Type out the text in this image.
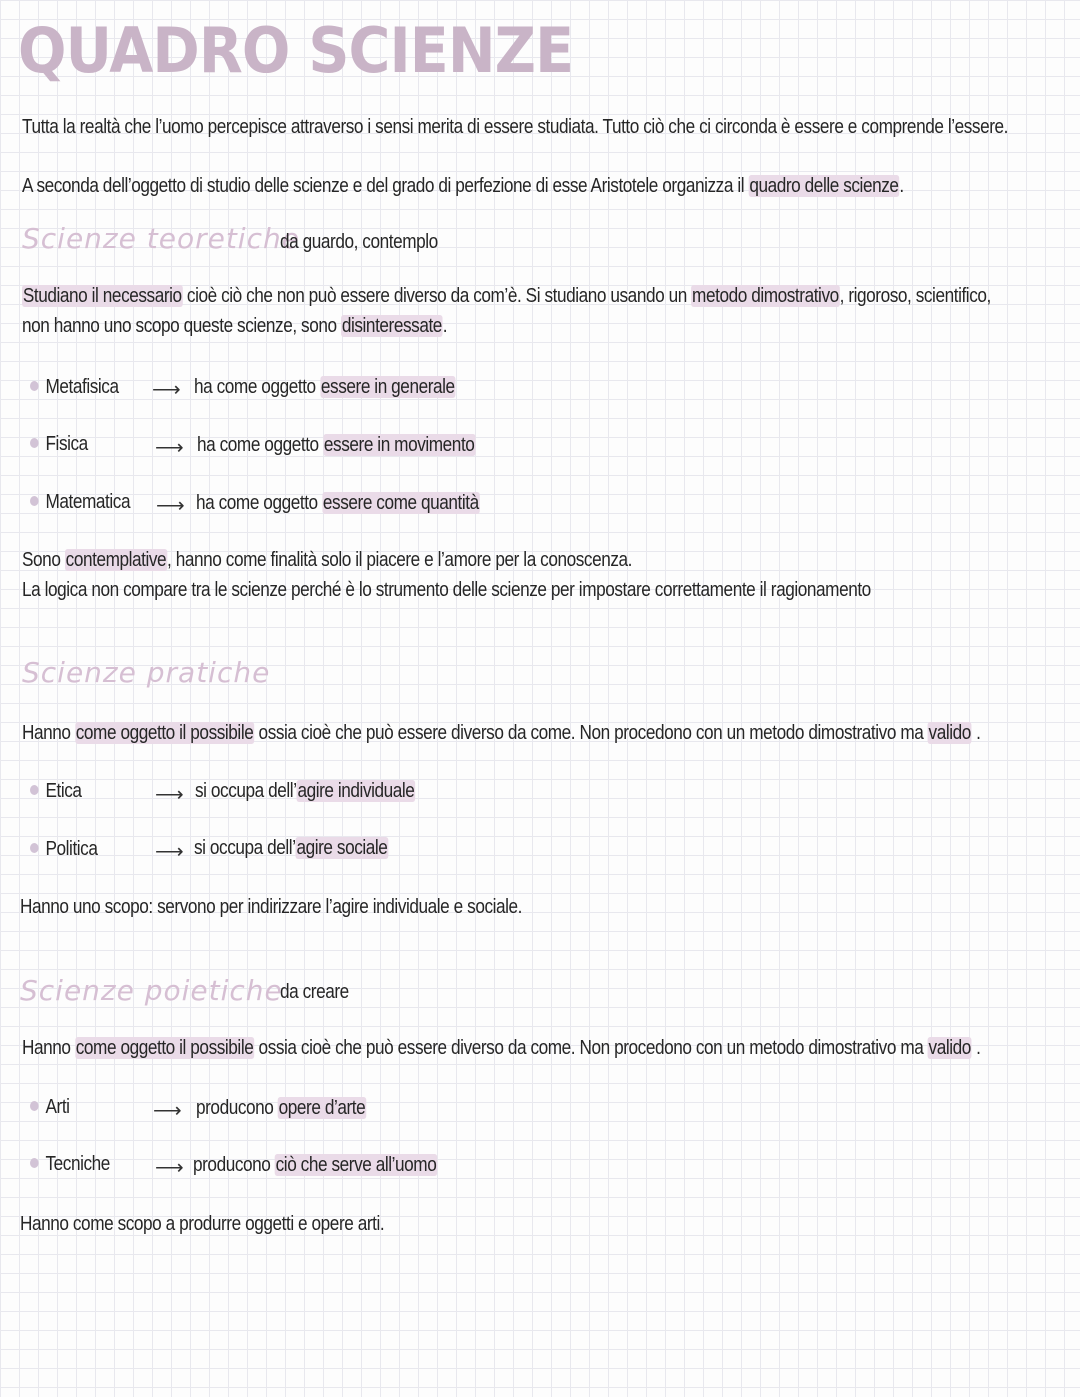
QUADRO SCIENZE
Tutta la realtà che l’uomo percepisce attraverso i sensi merita di essere studiata. Tutto ciò che ci circonda è essere e comprende l’essere.
A seconda dell’oggetto di studio delle scienze e del grado di perfezione di esse Aristotele organizza il quadro delle scienze.
Scienze teoretiche
da guardo, contemplo
Studiano il necessario cioè ciò che non può essere diverso da com’è. Si studiano usando un metodo dimostrativo, rigoroso, scientifico,
non hanno uno scopo queste scienze, sono disinteressate.
Metafisica ⟶ ha come oggetto essere in generale
Fisica	⟶ ha come oggetto essere in movimento
Matematica ⟶ ha come oggetto essere come quantità
Sono contemplative, hanno come finalità solo il piacere e l’amore per la conoscenza.
La logica non compare tra le scienze perché è lo strumento delle scienze per impostare correttamente il ragionamento
Scienze pratiche
Hanno come oggetto il possibile ossia cioè che può essere diverso da come. Non procedono con un metodo dimostrativo ma valido .
Etica	⟶ si occupa dell’agire individuale
Politica	⟶ si occupa dell’agire sociale
Hanno uno scopo: servono per indirizzare l’agire individuale e sociale.
Scienze poietiche
da creare
Hanno come oggetto il possibile ossia cioè che può essere diverso da come. Non procedono con un metodo dimostrativo ma valido .
Arti	⟶ producono opere d’arte
Tecniche ⟶ producono ciò che serve all’uomo
Hanno come scopo a produrre oggetti e opere arti.
